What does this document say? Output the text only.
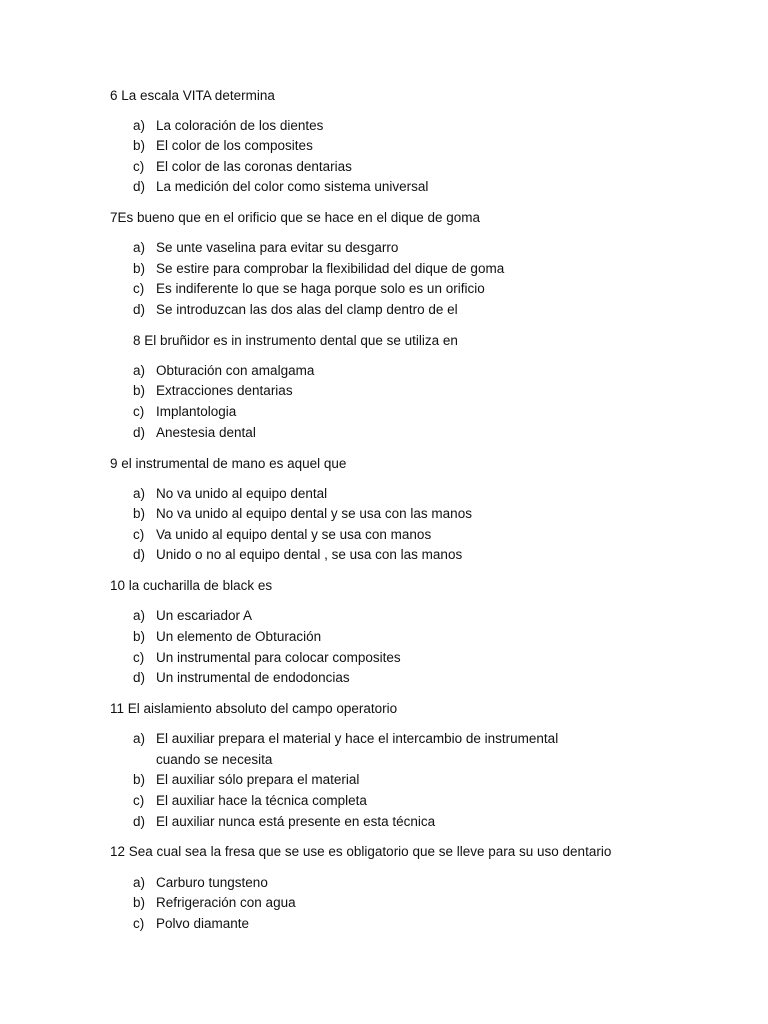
6 La escala VITA determina
a) La coloración de los dientes
b) El color de los composites
c) El color de las coronas dentarias
d) La medición del color como sistema universal
7Es bueno que en el orificio que se hace en el dique de goma
a) Se unte vaselina para evitar su desgarro
b) Se estire para comprobar la flexibilidad del dique de goma
c) Es indiferente lo que se haga porque solo es un orificio
d) Se introduzcan las dos alas del clamp dentro de el
8 El bruñidor es in instrumento dental que se utiliza en
a) Obturación con amalgama
b) Extracciones dentarias
c) Implantologia
d) Anestesia dental
9 el instrumental de mano es aquel que
a) No va unido al equipo dental
b) No va unido al equipo dental y se usa con las manos
c) Va unido al equipo dental y se usa con manos
d) Unido o no al equipo dental , se usa con las manos
10 la cucharilla de black es
a) Un escariador A
b) Un elemento de Obturación
c) Un instrumental para colocar composites
d) Un instrumental de endodoncias
11 El aislamiento absoluto del campo operatorio
a) El auxiliar prepara el material y hace el intercambio de instrumental
cuando se necesita
b) El auxiliar sólo prepara el material
c) El auxiliar hace la técnica completa
d) El auxiliar nunca está presente en esta técnica
12 Sea cual sea la fresa que se use es obligatorio que se lleve para su uso dentario
a) Carburo tungsteno
b) Refrigeración con agua
c) Polvo diamante
